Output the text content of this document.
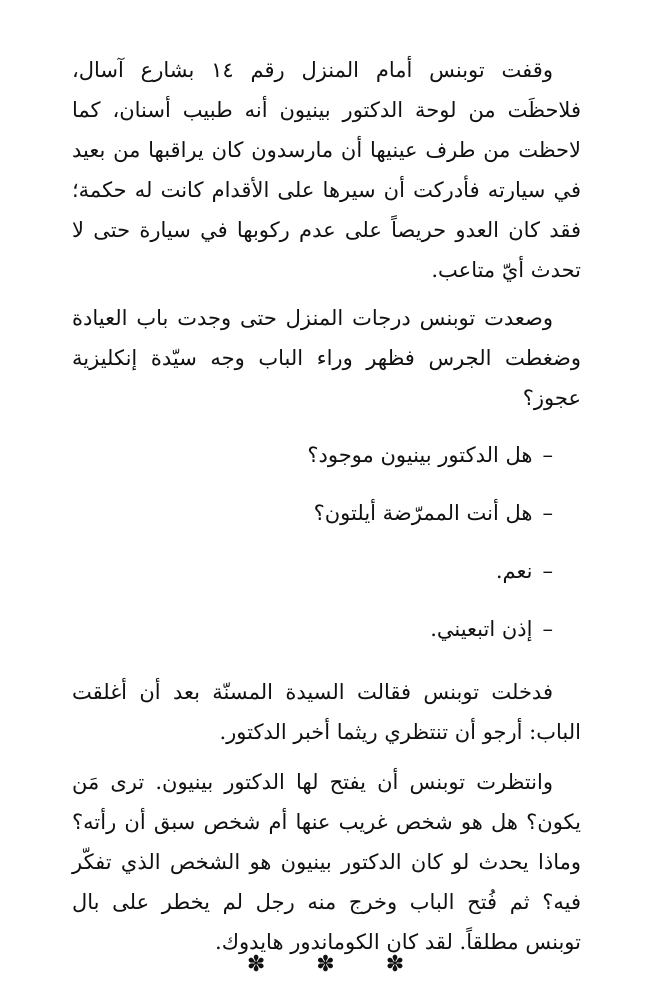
وقفت توبنس أمام المنزل رقم ١٤ بشارع آسال، فلاحظَت من لوحة الدكتور بينيون أنه طبيب أسنان، كما لاحظت من طرف عينيها أن مارسدون كان يراقبها من بعيد في سيارته فأدركت أن سيرها على الأقدام كانت له حكمة؛ فقد كان العدو حريصاً على عدم ركوبها في سيارة حتى لا تحدث أيّ متاعب.

وصعدت توبنس درجات المنزل حتى وجدت باب العيادة وضغطت الجرس فظهر وراء الباب وجه سيّدة إنكليزية عجوز؟

–هل الدكتور بينيون موجود؟

–هل أنت الممرّضة أيلتون؟

–نعم.

–إذن اتبعيني.

فدخلت توبنس فقالت السيدة المسنّة بعد أن أغلقت الباب: أرجو أن تنتظري ريثما أخبر الدكتور.

وانتظرت توبنس أن يفتح لها الدكتور بينيون. ترى مَن يكون؟ هل هو شخص غريب عنها أم شخص سبق أن رأته؟ وماذا يحدث لو كان الدكتور بينيون هو الشخص الذي تفكّر فيه؟ ثم فُتح الباب وخرج منه رجل لم يخطر على بال توبنس مطلقاً. لقد كان الكوماندور هايدوك.

✽ ✽ ✽
